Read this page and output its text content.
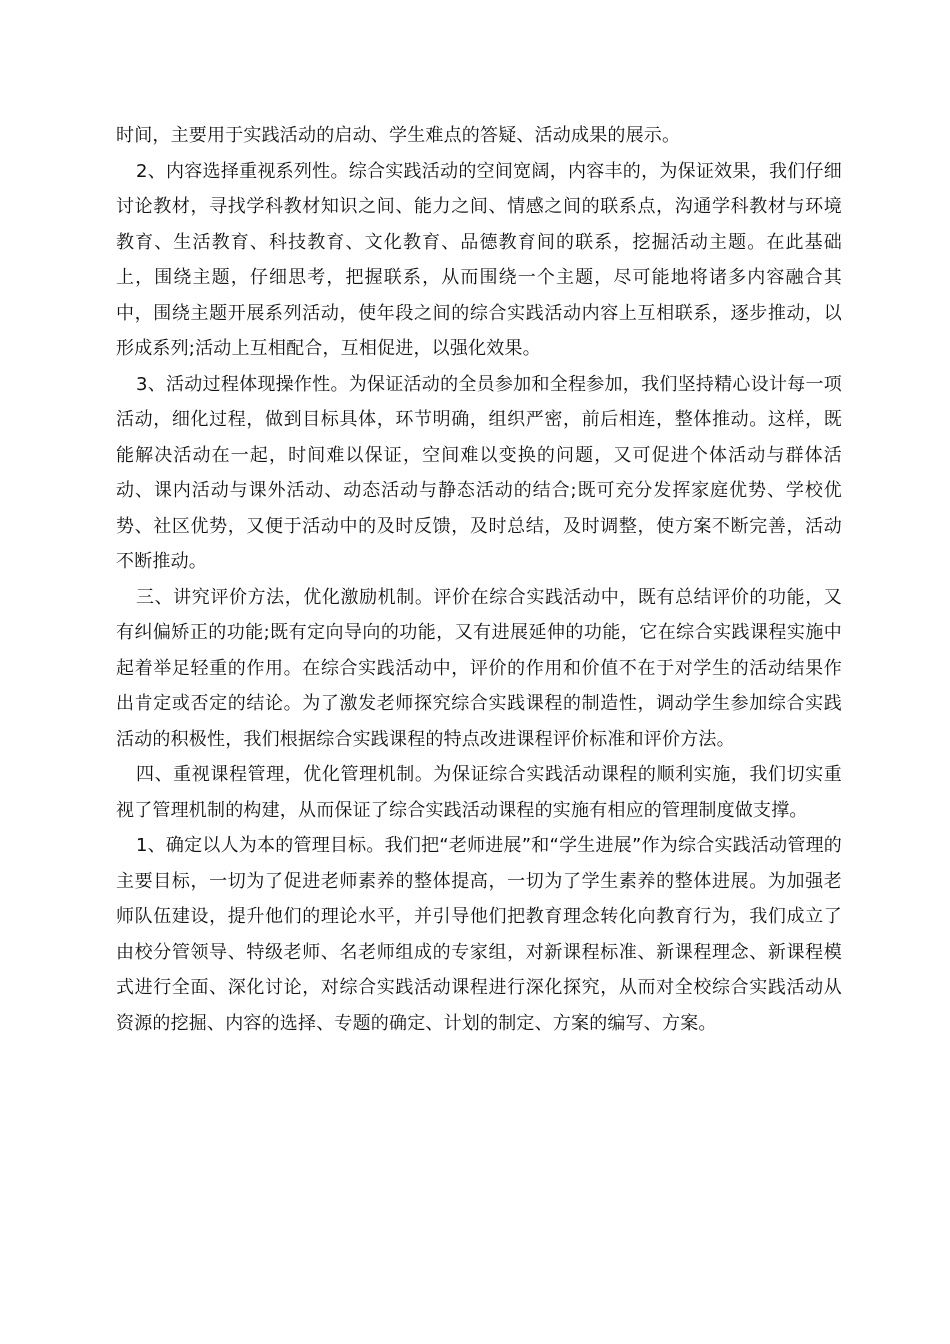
时间，主要用于实践活动的启动、学生难点的答疑、活动成果的展示。

2、内容选择重视系列性。综合实践活动的空间宽阔，内容丰的，为保证效果，我们仔细讨论教材，寻找学科教材知识之间、能力之间、情感之间的联系点，沟通学科教材与环境教育、生活教育、科技教育、文化教育、品德教育间的联系，挖掘活动主题。在此基础上，围绕主题，仔细思考，把握联系，从而围绕一个主题，尽可能地将诸多内容融合其中，围绕主题开展系列活动，使年段之间的综合实践活动内容上互相联系，逐步推动，以形成系列;活动上互相配合，互相促进，以强化效果。

3、活动过程体现操作性。为保证活动的全员参加和全程参加，我们坚持精心设计每一项活动，细化过程，做到目标具体，环节明确，组织严密，前后相连，整体推动。这样，既能解决活动在一起，时间难以保证，空间难以变换的问题，又可促进个体活动与群体活动、课内活动与课外活动、动态活动与静态活动的结合;既可充分发挥家庭优势、学校优势、社区优势，又便于活动中的及时反馈，及时总结，及时调整，使方案不断完善，活动不断推动。

三、讲究评价方法，优化激励机制。评价在综合实践活动中，既有总结评价的功能，又有纠偏矫正的功能;既有定向导向的功能，又有进展延伸的功能，它在综合实践课程实施中起着举足轻重的作用。在综合实践活动中，评价的作用和价值不在于对学生的活动结果作出肯定或否定的结论。为了激发老师探究综合实践课程的制造性，调动学生参加综合实践活动的积极性，我们根据综合实践课程的特点改进课程评价标准和评价方法。

四、重视课程管理，优化管理机制。为保证综合实践活动课程的顺利实施，我们切实重视了管理机制的构建，从而保证了综合实践活动课程的实施有相应的管理制度做支撑。

1、确定以人为本的管理目标。我们把“老师进展”和“学生进展”作为综合实践活动管理的主要目标，一切为了促进老师素养的整体提高，一切为了学生素养的整体进展。为加强老师队伍建设，提升他们的理论水平，并引导他们把教育理念转化向教育行为，我们成立了由校分管领导、特级老师、名老师组成的专家组，对新课程标准、新课程理念、新课程模式进行全面、深化讨论，对综合实践活动课程进行深化探究，从而对全校综合实践活动从资源的挖掘、内容的选择、专题的确定、计划的制定、方案的编写、方案。
